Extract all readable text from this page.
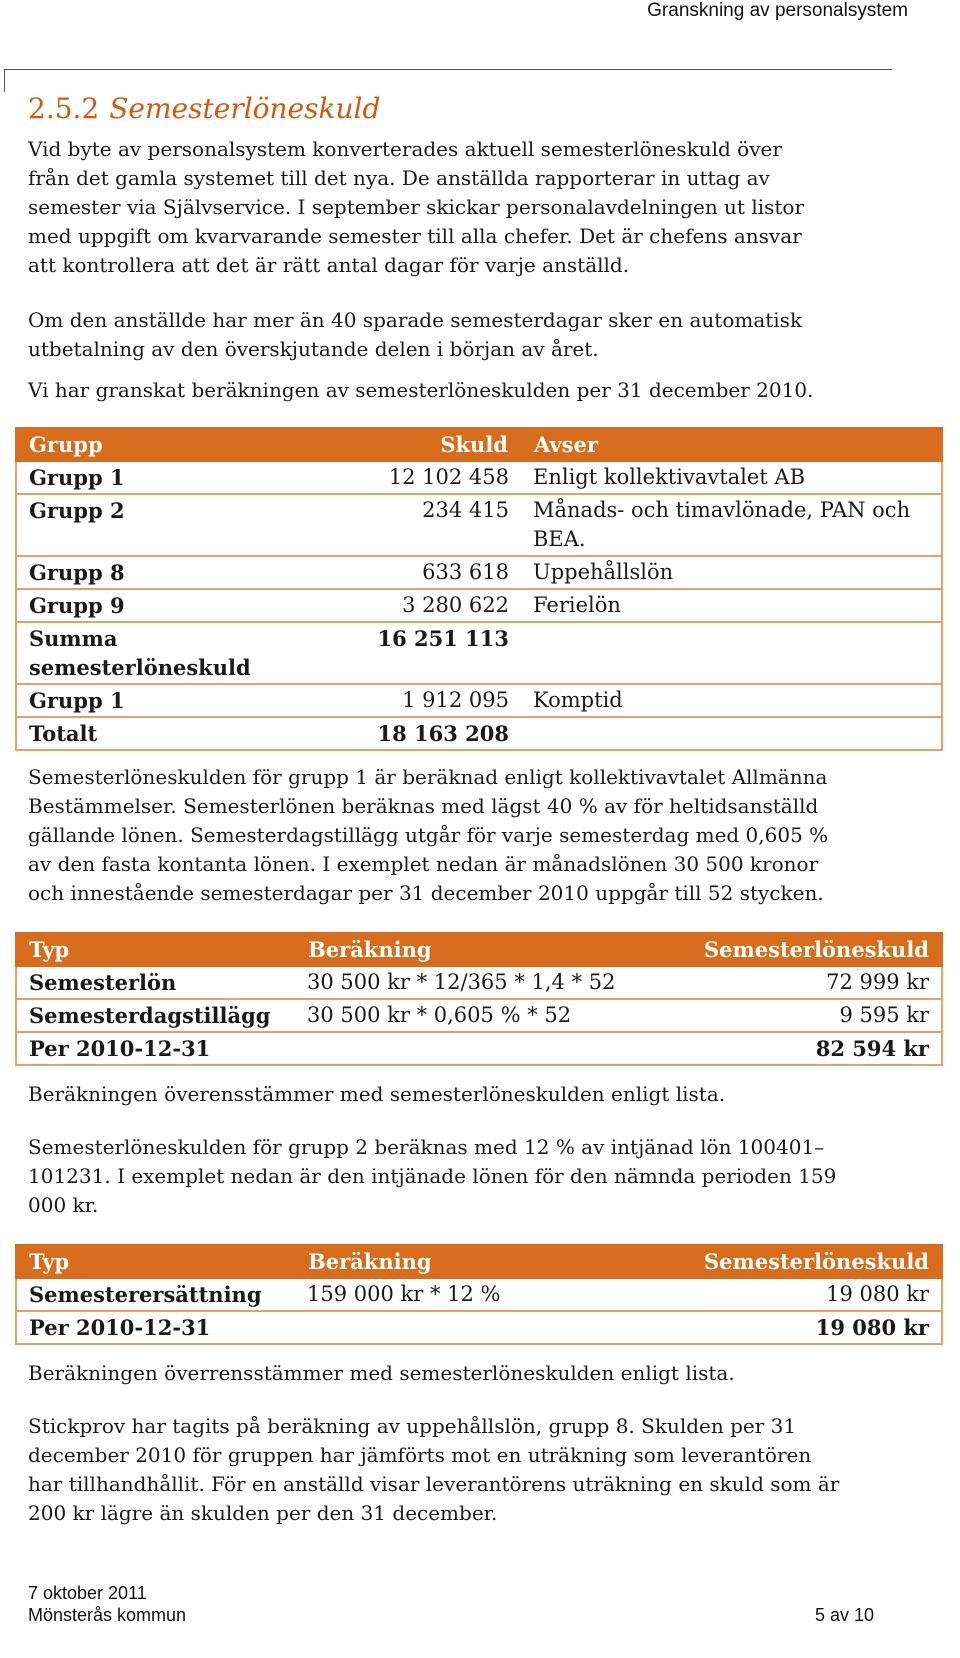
Granskning av personalsystem
2.5.2 Semesterlöneskuld

Vid byte av personalsystem konverterades aktuell semesterlöneskuld över från det gamla systemet till det nya. De anställda rapporterar in uttag av semester via Självservice. I september skickar personalavdelningen ut listor med uppgift om kvarvarande semester till alla chefer. Det är chefens ansvar att kontrollera att det är rätt antal dagar för varje anställd.

Om den anställde har mer än 40 sparade semesterdagar sker en automatisk utbetalning av den överskjutande delen i början av året.

Vi har granskat beräkningen av semesterlöneskulden per 31 december 2010.

Grupp	Skuld	Avser
Grupp 1	12 102 458	Enligt kollektivavtalet AB
Grupp 2	234 415	Månads- och timavlönade, PAN och BEA.
Grupp 8	633 618	Uppehållslön
Grupp 9	3 280 622	Ferielön
Summa semesterlöneskuld	16 251 113	
Grupp 1	1 912 095	Komptid
Totalt	18 163 208	

Semesterlöneskulden för grupp 1 är beräknad enligt kollektivavtalet Allmänna Bestämmelser. Semesterlönen beräknas med lägst 40 % av för heltidsanställd gällande lönen. Semesterdagstillägg utgår för varje semesterdag med 0,605 % av den fasta kontanta lönen. I exemplet nedan är månadslönen 30 500 kronor och innestående semesterdagar per 31 december 2010 uppgår till 52 stycken.

Typ	Beräkning	Semesterlöneskuld
Semesterlön	30 500 kr * 12/365 * 1,4 * 52	72 999 kr
Semesterdagstillägg	30 500 kr * 0,605 % * 52	9 595 kr
Per 2010-12-31		82 594 kr

Beräkningen överensstämmer med semesterlöneskulden enligt lista.

Semesterlöneskulden för grupp 2 beräknas med 12 % av intjänad lön 100401–101231. I exemplet nedan är den intjänade lönen för den nämnda perioden 159 000 kr.

Typ	Beräkning	Semesterlöneskuld
Semesterersättning	159 000 kr * 12 %	19 080 kr
Per 2010-12-31		19 080 kr

Beräkningen överrensstämmer med semesterlöneskulden enligt lista.

Stickprov har tagits på beräkning av uppehållslön, grupp 8. Skulden per 31 december 2010 för gruppen har jämförts mot en uträkning som leverantören har tillhandhållit. För en anställd visar leverantörens uträkning en skuld som är 200 kr lägre än skulden per den 31 december.

7 oktober 2011
Mönsterås kommun	5 av 10
